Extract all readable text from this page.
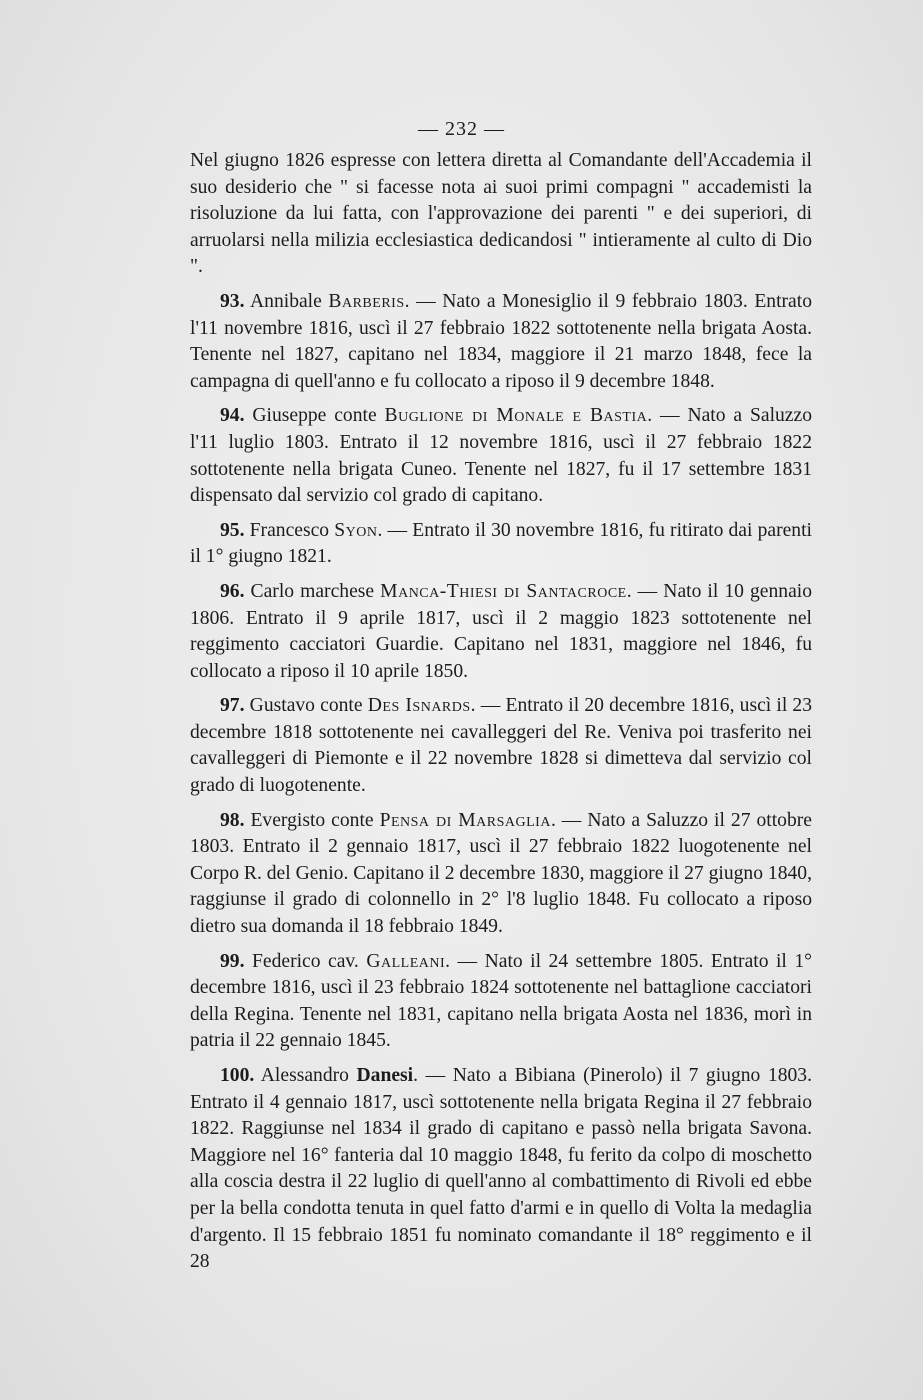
— 232 —

Nel giugno 1826 espresse con lettera diretta al Comandante dell'Accademia il suo desiderio che " si facesse nota ai suoi primi compagni " accademisti la risoluzione da lui fatta, con l'approvazione dei parenti " e dei superiori, di arruolarsi nella milizia ecclesiastica dedicandosi " intieramente al culto di Dio ".

93. Annibale Barberis. — Nato a Monesiglio il 9 febbraio 1803. Entrato l'11 novembre 1816, uscì il 27 febbraio 1822 sottotenente nella brigata Aosta. Tenente nel 1827, capitano nel 1834, maggiore il 21 marzo 1848, fece la campagna di quell'anno e fu collocato a riposo il 9 decembre 1848.

94. Giuseppe conte Buglione di Monale e Bastia. — Nato a Saluzzo l'11 luglio 1803. Entrato il 12 novembre 1816, uscì il 27 febbraio 1822 sottotenente nella brigata Cuneo. Tenente nel 1827, fu il 17 settembre 1831 dispensato dal servizio col grado di capitano.

95. Francesco Syon. — Entrato il 30 novembre 1816, fu ritirato dai parenti il 1° giugno 1821.

96. Carlo marchese Manca-Thiesi di Santacroce. — Nato il 10 gennaio 1806. Entrato il 9 aprile 1817, uscì il 2 maggio 1823 sottotenente nel reggimento cacciatori Guardie. Capitano nel 1831, maggiore nel 1846, fu collocato a riposo il 10 aprile 1850.

97. Gustavo conte Des Isnards. — Entrato il 20 decembre 1816, uscì il 23 decembre 1818 sottotenente nei cavalleggeri del Re. Veniva poi trasferito nei cavalleggeri di Piemonte e il 22 novembre 1828 si dimetteva dal servizio col grado di luogotenente.

98. Evergisto conte Pensa di Marsaglia. — Nato a Saluzzo il 27 ottobre 1803. Entrato il 2 gennaio 1817, uscì il 27 febbraio 1822 luogotenente nel Corpo R. del Genio. Capitano il 2 decembre 1830, maggiore il 27 giugno 1840, raggiunse il grado di colonnello in 2° l'8 luglio 1848. Fu collocato a riposo dietro sua domanda il 18 febbraio 1849.

99. Federico cav. Galleani. — Nato il 24 settembre 1805. Entrato il 1° decembre 1816, uscì il 23 febbraio 1824 sottotenente nel battaglione cacciatori della Regina. Tenente nel 1831, capitano nella brigata Aosta nel 1836, morì in patria il 22 gennaio 1845.

100. Alessandro Danesi. — Nato a Bibiana (Pinerolo) il 7 giugno 1803. Entrato il 4 gennaio 1817, uscì sottotenente nella brigata Regina il 27 febbraio 1822. Raggiunse nel 1834 il grado di capitano e passò nella brigata Savona. Maggiore nel 16° fanteria dal 10 maggio 1848, fu ferito da colpo di moschetto alla coscia destra il 22 luglio di quell'anno al combattimento di Rivoli ed ebbe per la bella condotta tenuta in quel fatto d'armi e in quello di Volta la medaglia d'argento. Il 15 febbraio 1851 fu nominato comandante il 18° reggimento e il 28
